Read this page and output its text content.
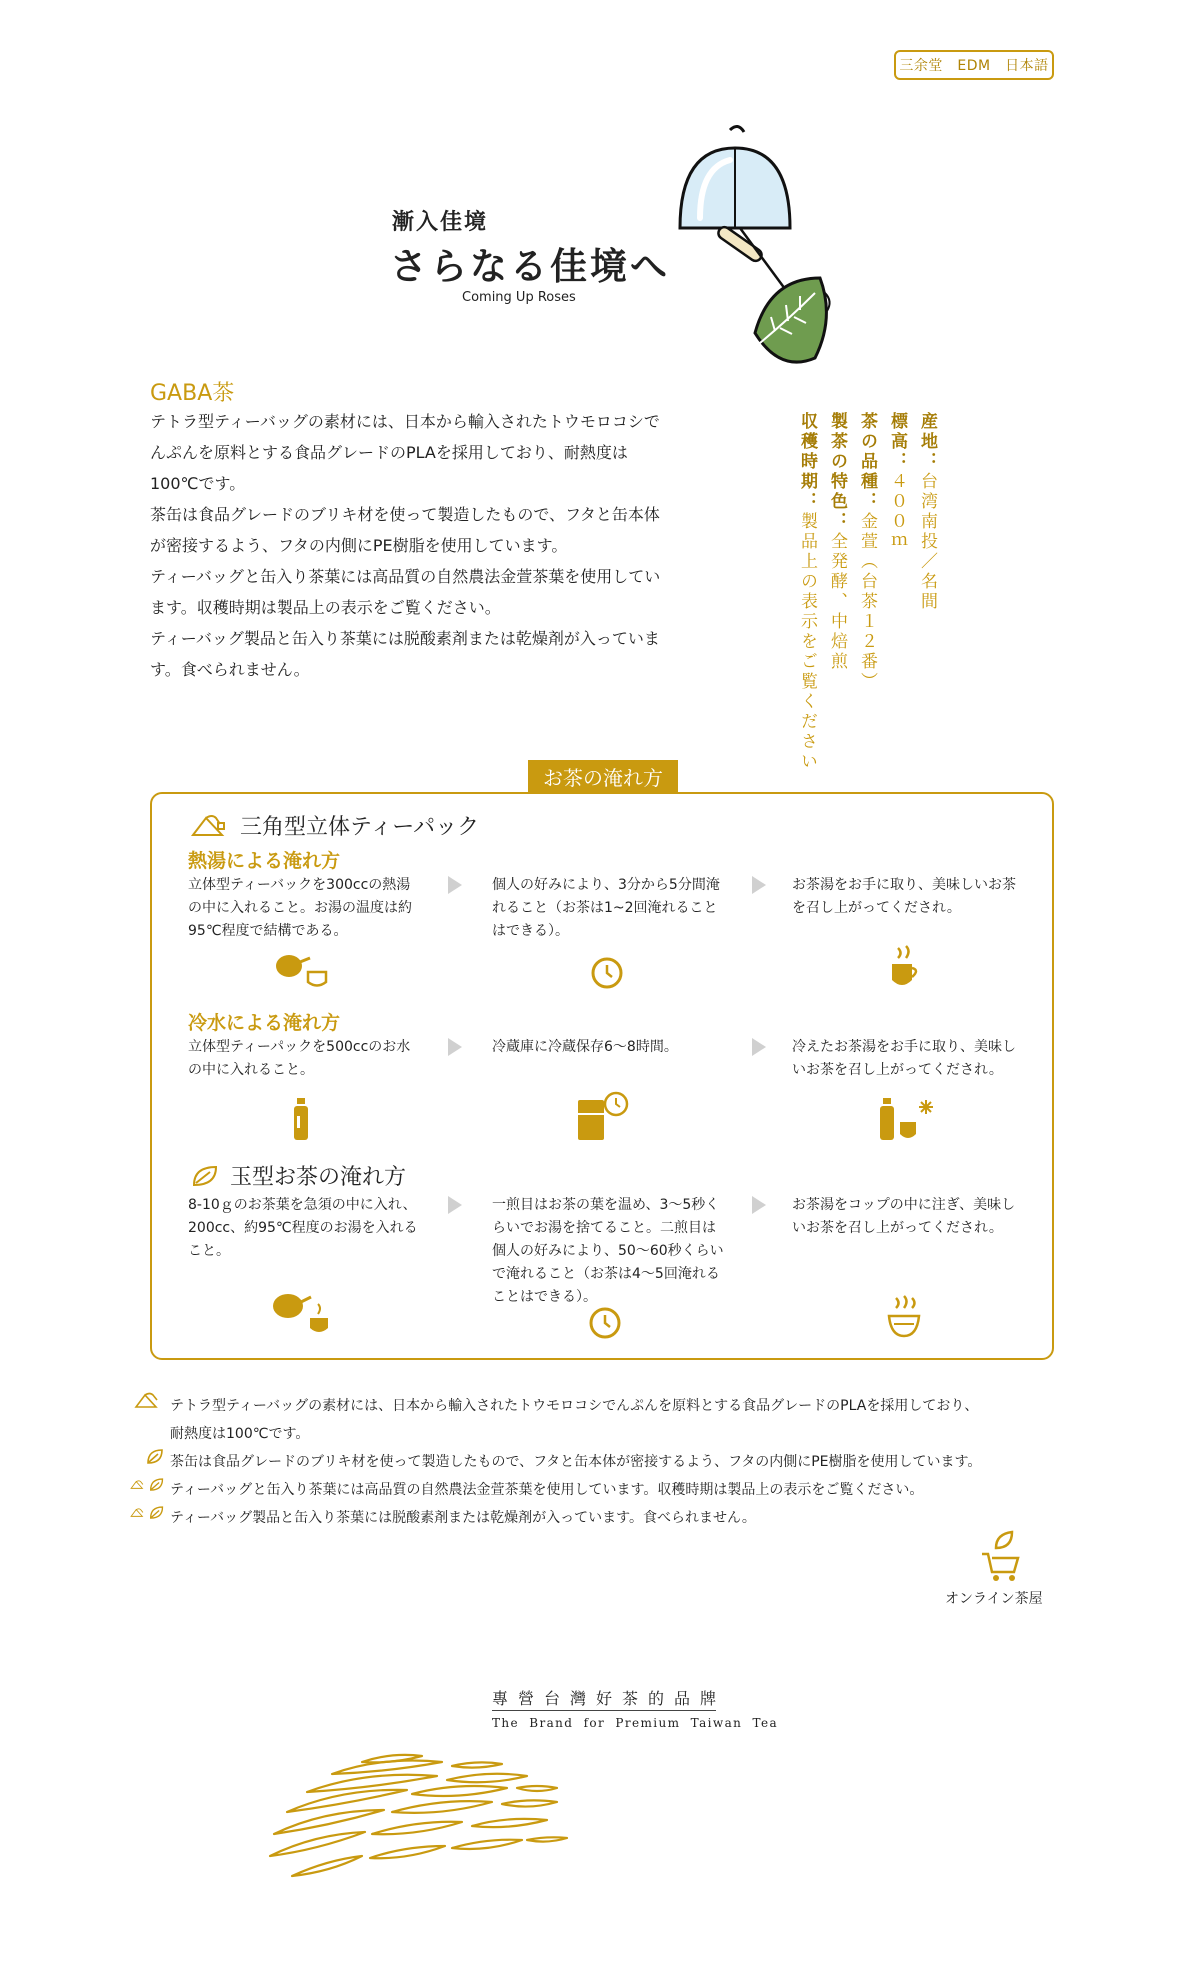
三余堂　EDM　日本語
漸入佳境
さらなる佳境へ
Coming Up Roses
GABA茶

テトラ型ティーバッグの素材には、日本から輸入されたトウモロコシでんぷんを原料とする食品グレードのPLAを採用しており、耐熱度は100℃です。

茶缶は食品グレードのブリキ材を使って製造したもので、フタと缶本体が密接するよう、フタの内側にPE樹脂を使用しています。

ティーバッグと缶入り茶葉には高品質の自然農法金萱茶葉を使用しています。収穫時期は製品上の表示をご覧ください。

ティーバッグ製品と缶入り茶葉には脱酸素剤または乾燥剤が入っています。食べられません。

産地：台湾南投／名間
標高：４００ｍ
茶の品種：金萱（台茶１２番）
製茶の特色：全発酵、中焙煎
収穫時期：製品上の表示をご覧ください
お茶の淹れ方
三角型立体ティーパック
熱湯による淹れ方
立体型ティーバックを300ccの熱湯の中に入れること。お湯の温度は約95℃程度で結構である。
個人の好みにより、3分から5分間淹れること（お茶は1~2回淹れることはできる）。
お茶湯をお手に取り、美味しいお茶を召し上がってくだされ。
冷水による淹れ方
立体型ティーパックを500ccのお水の中に入れること。
冷蔵庫に冷蔵保存6～8時間。	冷えたお茶湯をお手に取り、美味しいお茶を召し上がってくだされ。
玉型お茶の淹れ方
8-10ｇのお茶葉を急須の中に入れ、200cc、約95℃程度のお湯を入れること。
一煎目はお茶の葉を温め、3～5秒くらいでお湯を捨てること。二煎目は個人の好みにより、50～60秒くらいで淹れること（お茶は4～5回淹れることはできる）。
お茶湯をコップの中に注ぎ、美味しいお茶を召し上がってくだされ。
テトラ型ティーバッグの素材には、日本から輸入されたトウモロコシでんぷんを原料とする食品グレードのPLAを採用しており、
耐熱度は100℃です。
茶缶は食品グレードのブリキ材を使って製造したもので、フタと缶本体が密接するよう、フタの内側にPE樹脂を使用しています。
ティーバッグと缶入り茶葉には高品質の自然農法金萱茶葉を使用しています。収穫時期は製品上の表示をご覧ください。
ティーバッグ製品と缶入り茶葉には脱酸素剤または乾燥剤が入っています。食べられません。
オンライン茶屋
專營台灣好茶的品牌
The Brand for Premium Taiwan Tea
